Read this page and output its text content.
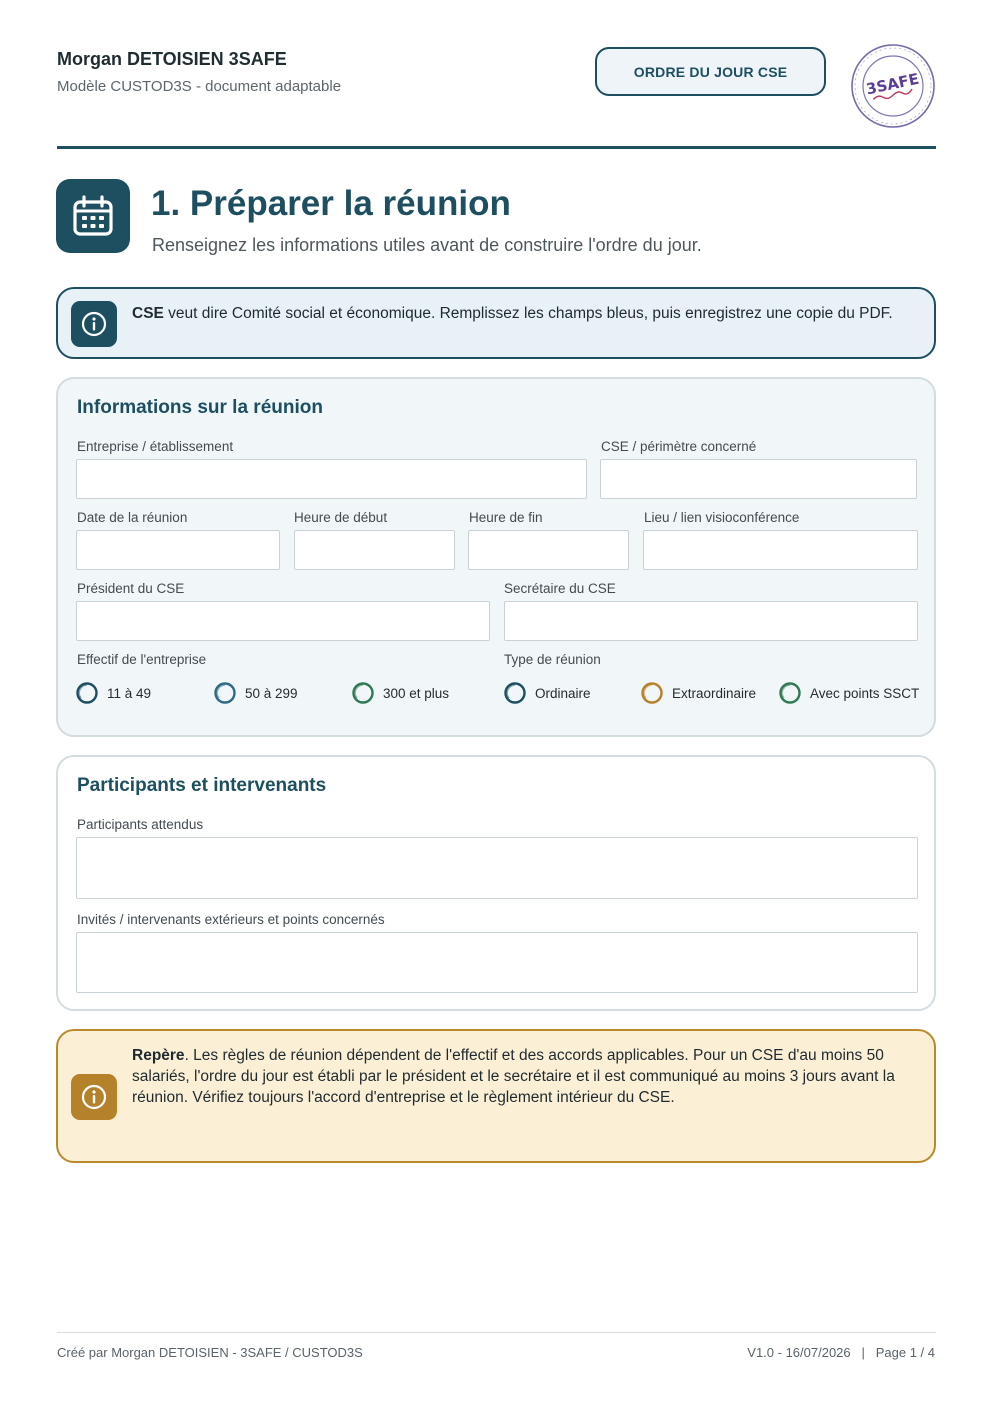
Morgan DETOISIEN 3SAFE
Modèle CUSTOD3S - document adaptable
ORDRE DU JOUR CSE	3SAFE
1. Préparer la réunion
Renseignez les informations utiles avant de construire l'ordre du jour.
CSE veut dire Comité social et économique. Remplissez les champs bleus, puis enregistrez une copie du PDF.
Informations sur la réunion
Entreprise / établissement	CSE / périmètre concerné
Date de la réunion	Heure de début	Heure de fin	Lieu / lien visioconférence
Président du CSE	Secrétaire du CSE
Effectif de l'entreprise	Type de réunion
11 à 49	50 à 299	300 et plus	Ordinaire	Extraordinaire	Avec points SSCT
Participants et intervenants
Participants attendus
Invités / intervenants extérieurs et points concernés
Repère. Les règles de réunion dépendent de l'effectif et des accords applicables. Pour un CSE d'au moins 50 salariés, l'ordre du jour est établi par le président et le secrétaire et il est communiqué au moins 3 jours avant la réunion. Vérifiez toujours l'accord d'entreprise et le règlement intérieur du CSE.
Créé par Morgan DETOISIEN - 3SAFE / CUSTOD3S	V1.0 - 16/07/2026 | Page 1 / 4
